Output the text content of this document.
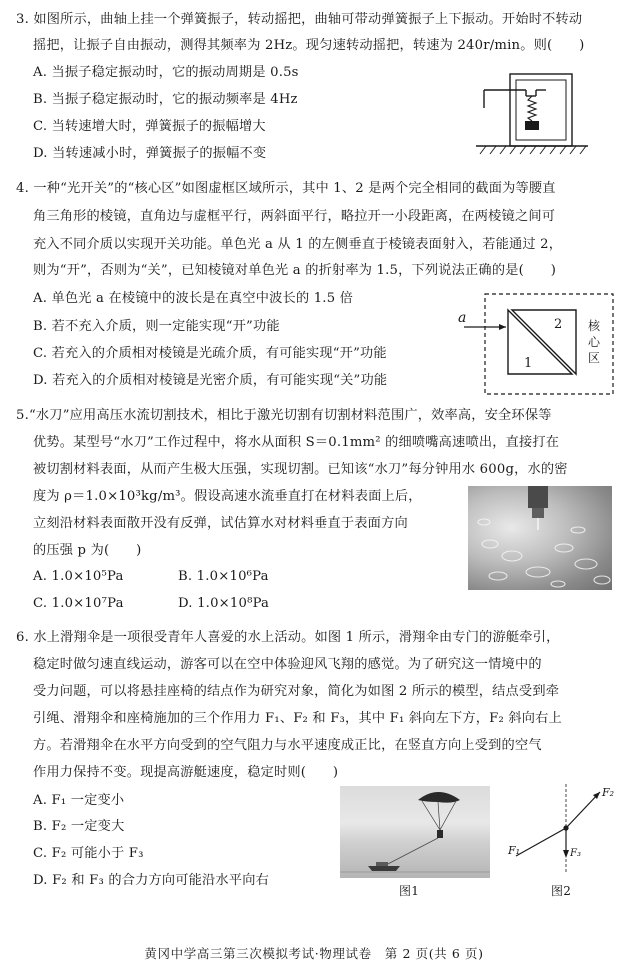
3. 如图所示，曲轴上挂一个弹簧振子，转动摇把，曲轴可带动弹簧振子上下振动。开始时不转动
摇把，让振子自由振动，测得其频率为 2Hz。现匀速转动摇把，转速为 240r/min。则(　　)
A. 当振子稳定振动时，它的振动周期是 0.5s
B. 当振子稳定振动时，它的振动频率是 4Hz
C. 当转速增大时，弹簧振子的振幅增大
D. 当转速减小时，弹簧振子的振幅不变
4. 一种“光开关”的“核心区”如图虚框区域所示，其中 1、2 是两个完全相同的截面为等腰直
角三角形的棱镜，直角边与虚框平行，两斜面平行，略拉开一小段距离，在两棱镜之间可
充入不同介质以实现开关功能。单色光 a 从 1 的左侧垂直于棱镜表面射入，若能通过 2，
则为“开”，否则为“关”，已知棱镜对单色光 a 的折射率为 1.5，下列说法正确的是(　　)
A. 单色光 a 在棱镜中的波长是在真空中波长的 1.5 倍
B. 若不充入介质，则一定能实现“开”功能
C. 若充入的介质相对棱镜是光疏介质，有可能实现“开”功能
D. 若充入的介质相对棱镜是光密介质，有可能实现“关”功能
a
1
2 核
心
区
5.“水刀”应用高压水流切割技术，相比于激光切割有切割材料范围广，效率高，安全环保等
优势。某型号“水刀”工作过程中，将水从面积 S＝0.1mm² 的细喷嘴高速喷出，直接打在
被切割材料表面，从而产生极大压强，实现切割。已知该“水刀”每分钟用水 600g，水的密
度为 ρ＝1.0×10³kg/m³。假设高速水流垂直打在材料表面上后，
立刻沿材料表面散开没有反弹，试估算水对材料垂直于表面方向
的压强 p 为(　　)
A. 1.0×10⁵Pa	B. 1.0×10⁶Pa
C. 1.0×10⁷Pa	D. 1.0×10⁸Pa
6. 水上滑翔伞是一项很受青年人喜爱的水上活动。如图 1 所示，滑翔伞由专门的游艇牵引，
稳定时做匀速直线运动，游客可以在空中体验迎风飞翔的感觉。为了研究这一情境中的
受力问题，可以将悬挂座椅的结点作为研究对象，简化为如图 2 所示的模型，结点受到牵
引绳、滑翔伞和座椅施加的三个作用力 F₁、F₂ 和 F₃，其中 F₁ 斜向左下方，F₂ 斜向右上
方。若滑翔伞在水平方向受到的空气阻力与水平速度成正比，在竖直方向上受到的空气
作用力保持不变。现提高游艇速度，稳定时则(　　)
A. F₁ 一定变小
B. F₂ 一定变大
C. F₂ 可能小于 F₃
D. F₂ 和 F₃ 的合力方向可能沿水平向右
图1
F₂
F₁	F₃
图2
黄冈中学高三第三次模拟考试·物理试卷　第 2 页(共 6 页)
